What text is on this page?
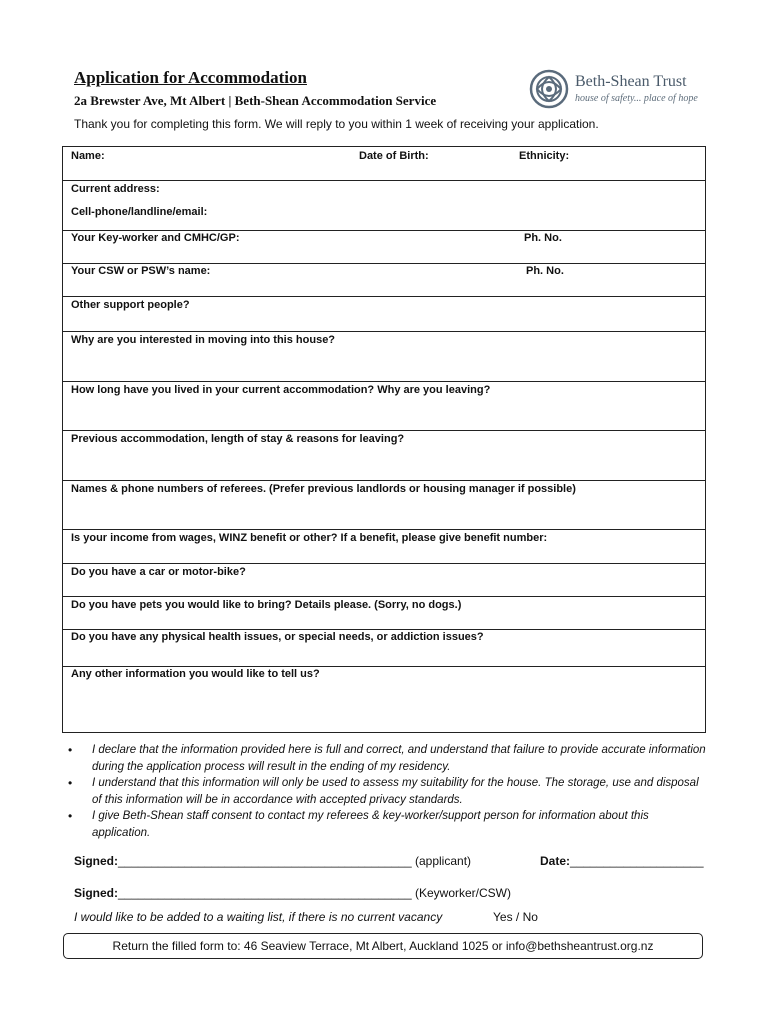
Application for Accommodation
2a Brewster Ave, Mt Albert | Beth-Shean Accommodation Service
Thank you for completing this form. We will reply to you within 1 week of receiving your application.
Beth-Shean Trust
house of safety... place of hope
Name:	Date of Birth:	Ethnicity:
Current address:
Cell-phone/landline/email:
Your Key-worker and CMHC/GP:	Ph. No.
Your CSW or PSW’s name:	Ph. No.
Other support people?
Why are you interested in moving into this house?
How long have you lived in your current accommodation? Why are you leaving?
Previous accommodation, length of stay & reasons for leaving?
Names & phone numbers of referees. (Prefer previous landlords or housing manager if possible)
Is your income from wages, WINZ benefit or other? If a benefit, please give benefit number:
Do you have a car or motor-bike?
Do you have pets you would like to bring? Details please. (Sorry, no dogs.)
Do you have any physical health issues, or special needs, or addiction issues?
Any other information you would like to tell us?
• I declare that the information provided here is full and correct, and understand that failure to provide accurate information during the application process will result in the ending of my residency.
• I understand that this information will only be used to assess my suitability for the house. The storage, use and disposal of this information will be in accordance with accepted privacy standards.
• I give Beth-Shean staff consent to contact my referees & key-worker/support person for information about this application.
Signed:____________________________________________ (applicant)	Date:____________________
Signed:____________________________________________ (Keyworker/CSW)
I would like to be added to a waiting list, if there is no current vacancy	Yes / No
Return the filled form to: 46 Seaview Terrace, Mt Albert, Auckland 1025 or info@bethsheantrust.org.nz
